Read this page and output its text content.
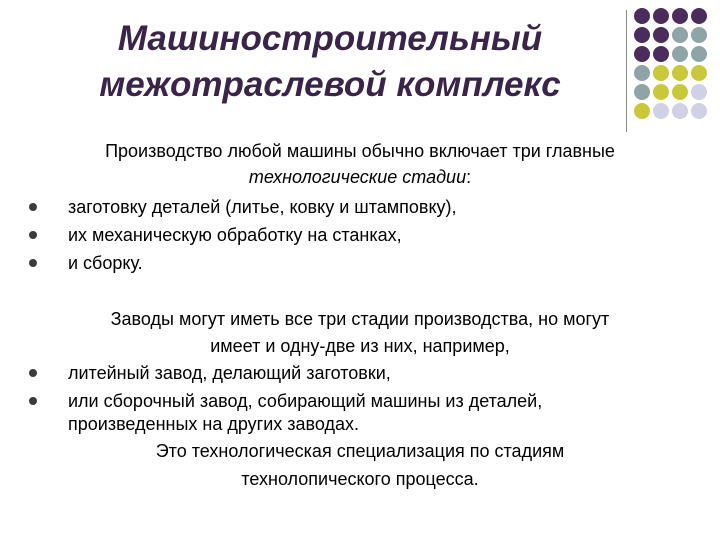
Машиностроительный
межотраслевой комплекс
Производство любой машины обычно включает три главные
технологические стадии:
заготовку деталей (литье, ковку и штамповку),
их механическую обработку на станках,
и сборку.
Заводы могут иметь все три стадии производства, но могут
имеет и одну-две из них, например,
литейный завод, делающий заготовки,
или сборочный завод, собирающий машины из деталей,
произведенных на других заводах.
Это технологическая специализация по стадиям
технолопического процесса.
